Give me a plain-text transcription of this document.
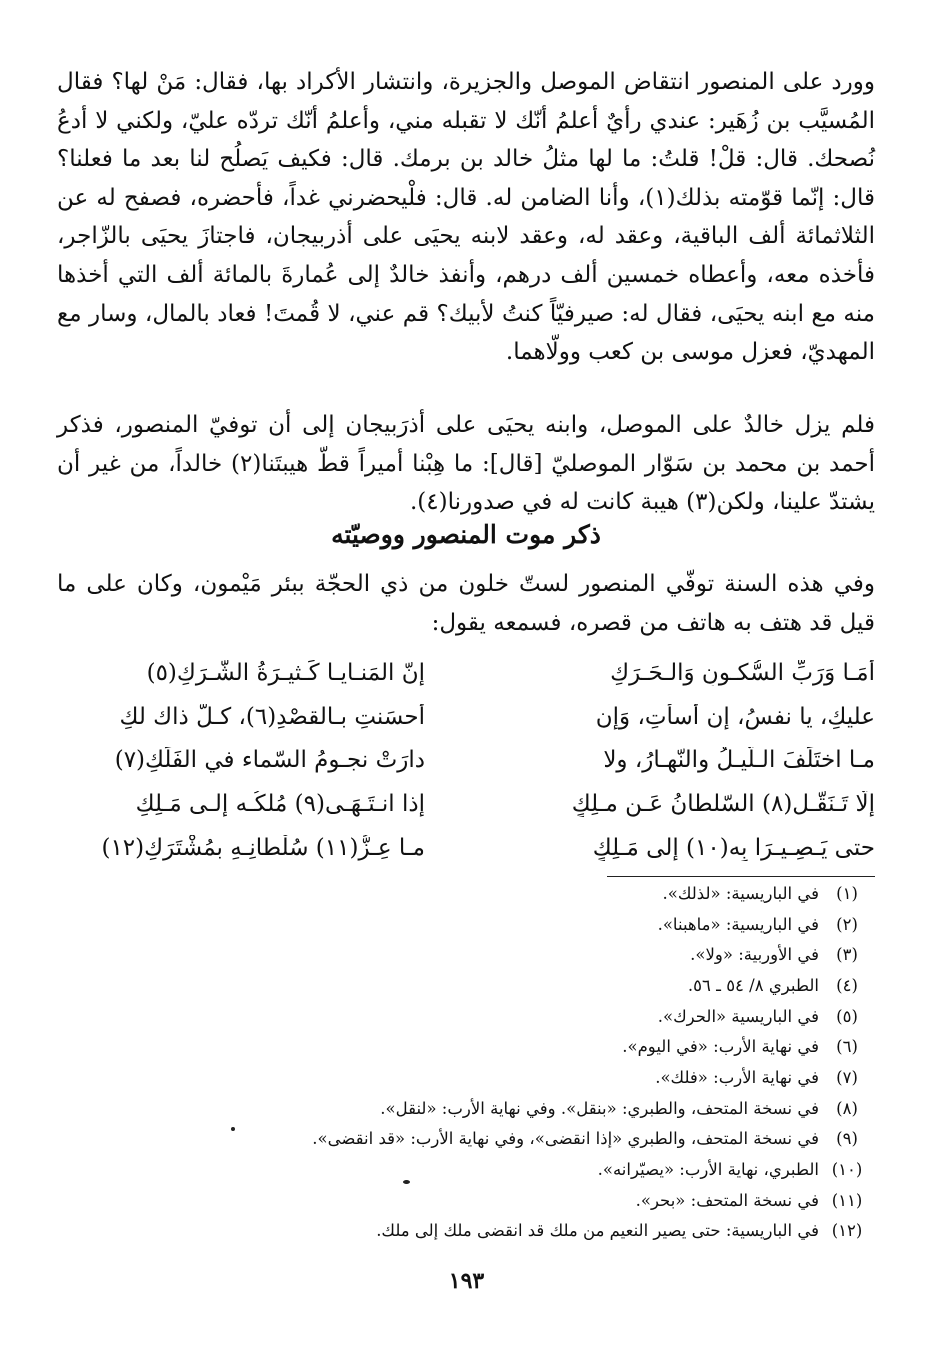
وورد على المنصور انتقاض الموصل والجزيرة، وانتشار الأكراد بها، فقال: مَنْ لها؟ فقال المُسيَّب بن زُهَير: عندي رأيٌ أعلمُ أنّك لا تقبله مني، وأعلمُ أنّك تردّه عليّ، ولكني لا أدعُ نُصحك. قال: قلْ! قلتُ: ما لها مثلُ خالد بن برمك. قال: فكيف يَصلُح لنا بعد ما فعلنا؟ قال: إنّما قوّمته بذلك(١)، وأنا الضامن له. قال: فلْيحضرني غداً، فأحضره، فصفح له عن الثلاثمائة ألف الباقية، وعقد له، وعقد لابنه يحيَى على أذربيجان، فاجتازَ يحيَى بالزّاجر، فأخذه معه، وأعطاه خمسين ألف درهم، وأنفذ خالدٌ إلى عُمارةَ بالمائة ألف التي أخذها منه مع ابنه يحيَى، فقال له: صيرفيّاً كنتُ لأبيك؟ قم عني، لا قُمتَ! فعاد بالمال، وسار مع المهديّ، فعزل موسى بن كعب وولّاهما.

فلم يزل خالدٌ على الموصل، وابنه يحيَى على أذرَبيجان إلى أن توفيّ المنصور، فذكر أحمد بن محمد بن سَوّار الموصليّ [قال]: ما هِبْنا أميراً قطّ هيبتَنا(٢) خالداً، من غير أن يشتدّ علينا، ولكن(٣) هيبة كانت له في صدورنا(٤).

ذكر موت المنصور ووصيّته

وفي هذه السنة توفّي المنصور لستّ خلون من ذي الحجّة ببئر مَيْمون، وكان على ما قيل قد هتف به هاتف من قصره، فسمعه يقول:

أمَـا وَرَبِّ السُّكـونِ وَالـحَـرَكِ
إنّ المَنـايـا كَـثيـرَةُ الشَّـرَكِ(٥)
عليكِ، يا نفسُ، إن أسأتِ، وَإن
أحسَنتِ بـالقصْدِ(٦)، كـلّ ذاك لكِ
مـا اختَلَفَ الـلّيـلُ والنّهـارُ، ولا
دارَتْ نجـومُ السّماء في الفَلَكِ(٧)
إلّا تَـنَقّـل(٨) السّلطانُ عَـن مـلِكٍ
إذا انـتَـهَـى(٩) مُلكُـه إلـى مَـلِكِ
حتى يَـصِـيـرَا بِه(١٠) إلى مَـلِكٍ
مـا عِـزُّ(١١) سُلْطانِـهِ بمُشْتَرَكِ(١٢)
(١)
في الباريسية: «لذلك».
(٢)
في الباريسية: «ماهبنا».
(٣)
في الأوربية: «ولا».
(٤)
الطبري ٨/ ٥٤ ـ ٥٦.
(٥)
في الباريسية «الحرك».
(٦)
في نهاية الأرب: «في اليوم».
(٧)
في نهاية الأرب: «فلك».
(٨)
في نسخة المتحف، والطبري: «بنقل». وفي نهاية الأرب: «لنقل».
(٩)
في نسخة المتحف، والطبري «إذا انقضى»، وفي نهاية الأرب: «قد انقضى».
(١٠)
الطبري، نهاية الأرب: «يصيّرانه».
(١١)
في نسخة المتحف: «بحر».
(١٢)
في الباريسية: حتى يصير النعيم من ملك قد انقضى ملك إلى ملك.
١٩٣
